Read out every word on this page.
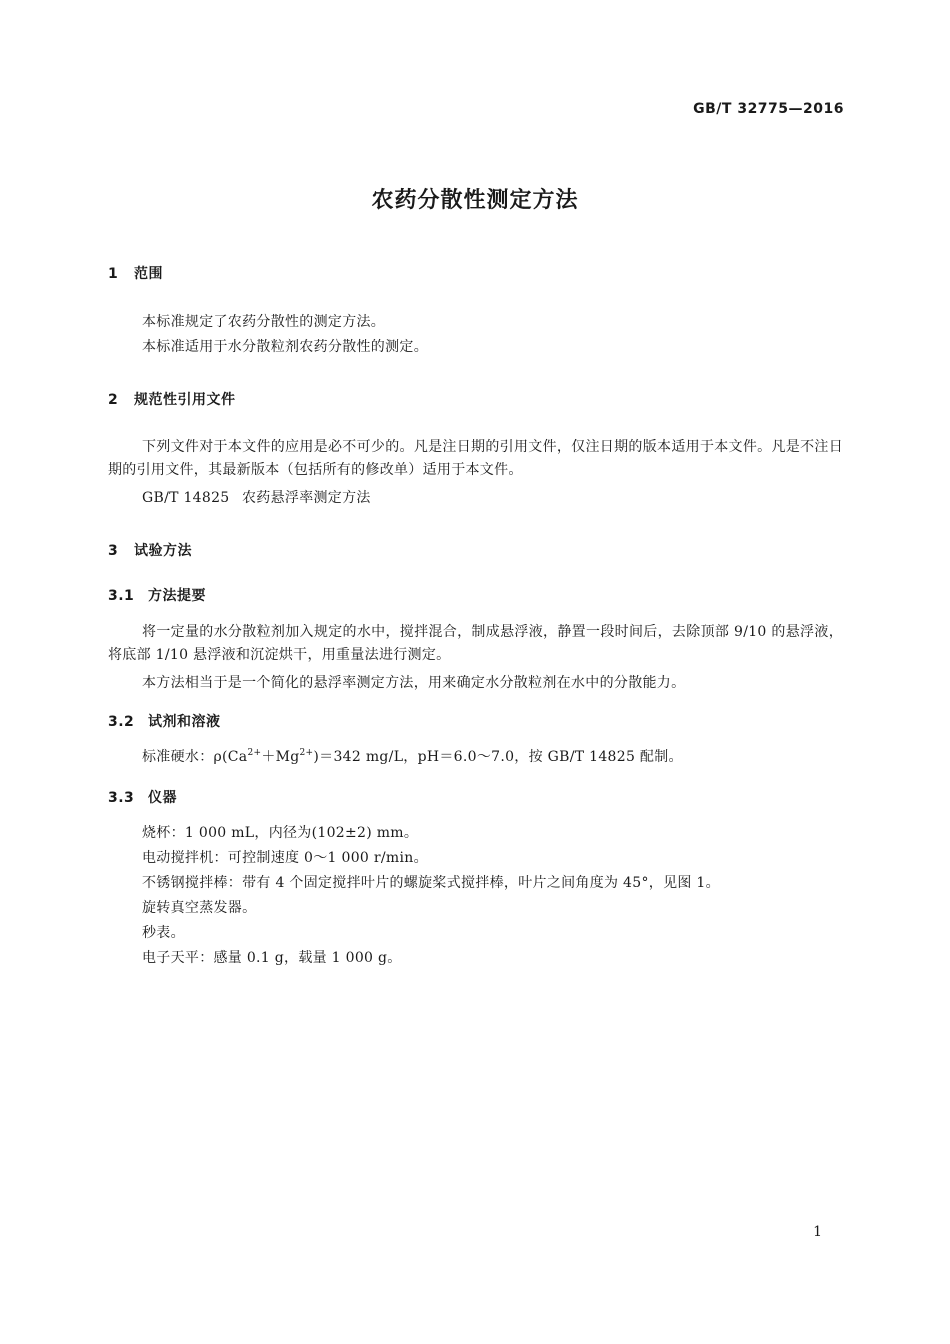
GB/T 32775—2016
农药分散性测定方法
1 范围
本标准规定了农药分散性的测定方法。
本标准适用于水分散粒剂农药分散性的测定。
2 规范性引用文件
下列文件对于本文件的应用是必不可少的。凡是注日期的引用文件，仅注日期的版本适用于本文件。凡是不注日期的引用文件，其最新版本（包括所有的修改单）适用于本文件。
GB/T 14825 农药悬浮率测定方法
3 试验方法
3.1 方法提要
将一定量的水分散粒剂加入规定的水中，搅拌混合，制成悬浮液，静置一段时间后，去除顶部 9/10 的悬浮液，将底部 1/10 悬浮液和沉淀烘干，用重量法进行测定。
本方法相当于是一个简化的悬浮率测定方法，用来确定水分散粒剂在水中的分散能力。
3.2 试剂和溶液
标准硬水：$\rho(Ca^{2+}+Mg^{2+})=342$ mg/L，pH＝6.0～7.0，按 GB/T 14825 配制。
3.3 仪器
烧杯：1 000 mL，内径为(102±2) mm。
电动搅拌机：可控制速度 0～1 000 r/min。
不锈钢搅拌棒：带有 4 个固定搅拌叶片的螺旋桨式搅拌棒，叶片之间角度为 45°，见图 1。
旋转真空蒸发器。
秒表。
电子天平：感量 0.1 g，载量 1 000 g。
1
